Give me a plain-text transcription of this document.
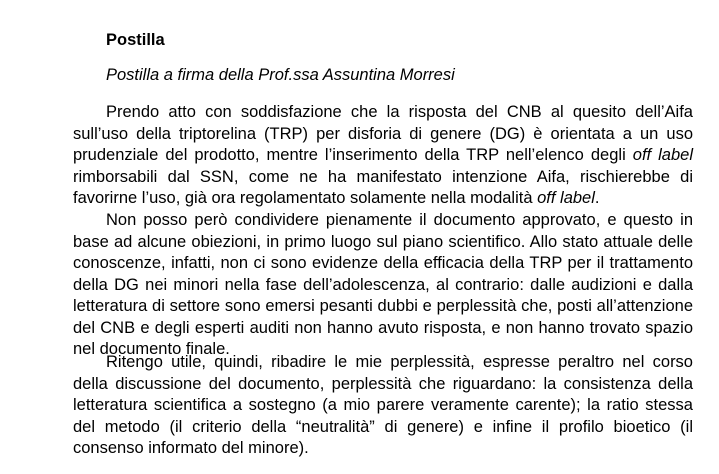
Postilla
Postilla a firma della Prof.ssa Assuntina Morresi

Prendo atto con soddisfazione che la risposta del CNB al quesito dell’Aifa sull’uso della triptorelina (TRP) per disforia di genere (DG) è orientata a un uso prudenziale del prodotto, mentre l’inserimento della TRP nell’elenco degli off label rimborsabili dal SSN, come ne ha manifestato intenzione Aifa, rischierebbe di favorirne l’uso, già ora regolamentato solamente nella modalità off label.

Non posso però condividere pienamente il documento approvato, e questo in base ad alcune obiezioni, in primo luogo sul piano scientifico. Allo stato attuale delle conoscenze, infatti, non ci sono evidenze della efficacia della TRP per il trattamento della DG nei minori nella fase dell’adolescenza, al contrario: dalle audizioni e dalla letteratura di settore sono emersi pesanti dubbi e perplessità che, posti all’attenzione del CNB e degli esperti auditi non hanno avuto risposta, e non hanno trovato spazio nel documento finale.

Ritengo utile, quindi, ribadire le mie perplessità, espresse peraltro nel corso della discussione del documento, perplessità che riguardano: la consistenza della letteratura scientifica a sostegno (a mio parere veramente carente); la ratio stessa del metodo (il criterio della “neutralità” di genere) e infine il profilo bioetico (il consenso informato del minore).
